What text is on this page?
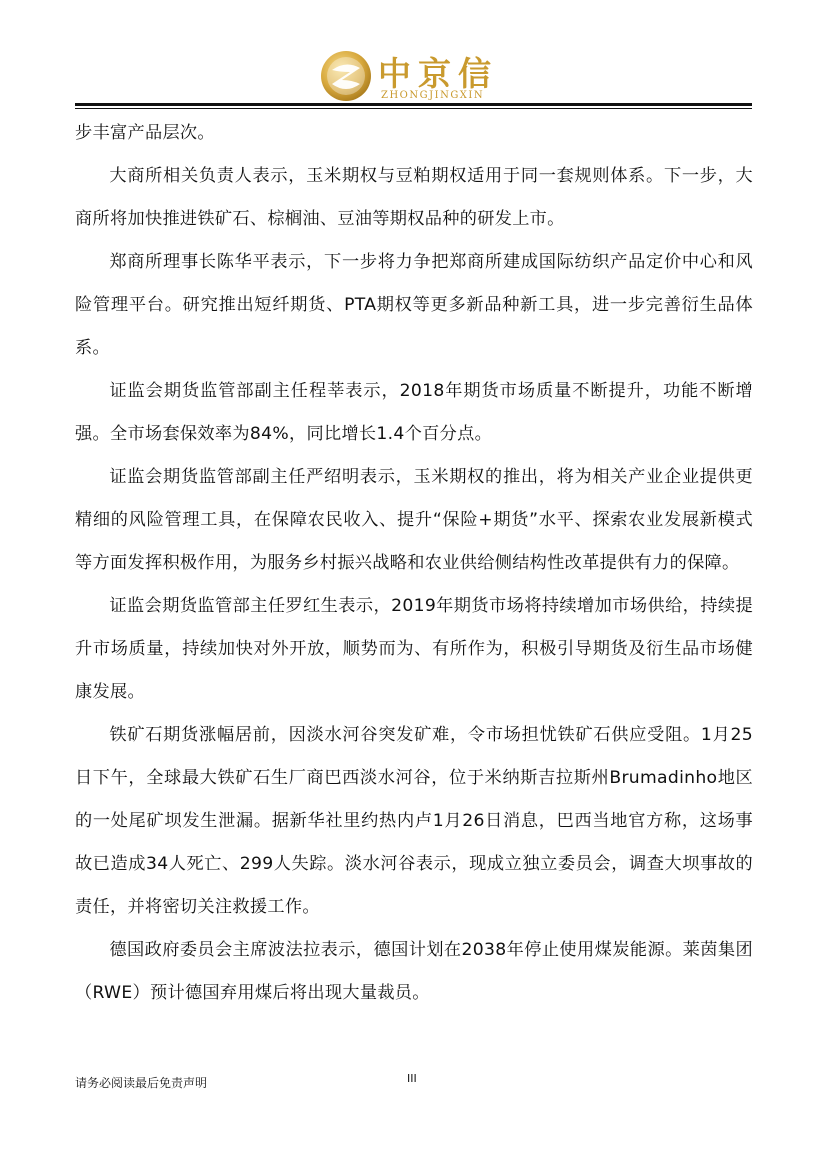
中京信
ZHONGJINGXIN

步丰富产品层次。

大商所相关负责人表示，玉米期权与豆粕期权适用于同一套规则体系。下一步，大商所将加快推进铁矿石、棕榈油、豆油等期权品种的研发上市。

郑商所理事长陈华平表示，下一步将力争把郑商所建成国际纺织产品定价中心和风险管理平台。研究推出短纤期货、PTA期权等更多新品种新工具，进一步完善衍生品体系。

证监会期货监管部副主任程莘表示，2018年期货市场质量不断提升，功能不断增强。全市场套保效率为84%，同比增长1.4个百分点。

证监会期货监管部副主任严绍明表示，玉米期权的推出，将为相关产业企业提供更精细的风险管理工具，在保障农民收入、提升“保险+期货”水平、探索农业发展新模式等方面发挥积极作用，为服务乡村振兴战略和农业供给侧结构性改革提供有力的保障。

证监会期货监管部主任罗红生表示，2019年期货市场将持续增加市场供给，持续提升市场质量，持续加快对外开放，顺势而为、有所作为，积极引导期货及衍生品市场健康发展。

铁矿石期货涨幅居前，因淡水河谷突发矿难，令市场担忧铁矿石供应受阻。1月25日下午，全球最大铁矿石生厂商巴西淡水河谷，位于米纳斯吉拉斯州Brumadinho地区的一处尾矿坝发生泄漏。据新华社里约热内卢1月26日消息，巴西当地官方称，这场事故已造成34人死亡、299人失踪。淡水河谷表示，现成立独立委员会，调查大坝事故的责任，并将密切关注救援工作。

德国政府委员会主席波法拉表示，德国计划在2038年停止使用煤炭能源。莱茵集团（RWE）预计德国弃用煤后将出现大量裁员。

请务必阅读最后免责声明	III
